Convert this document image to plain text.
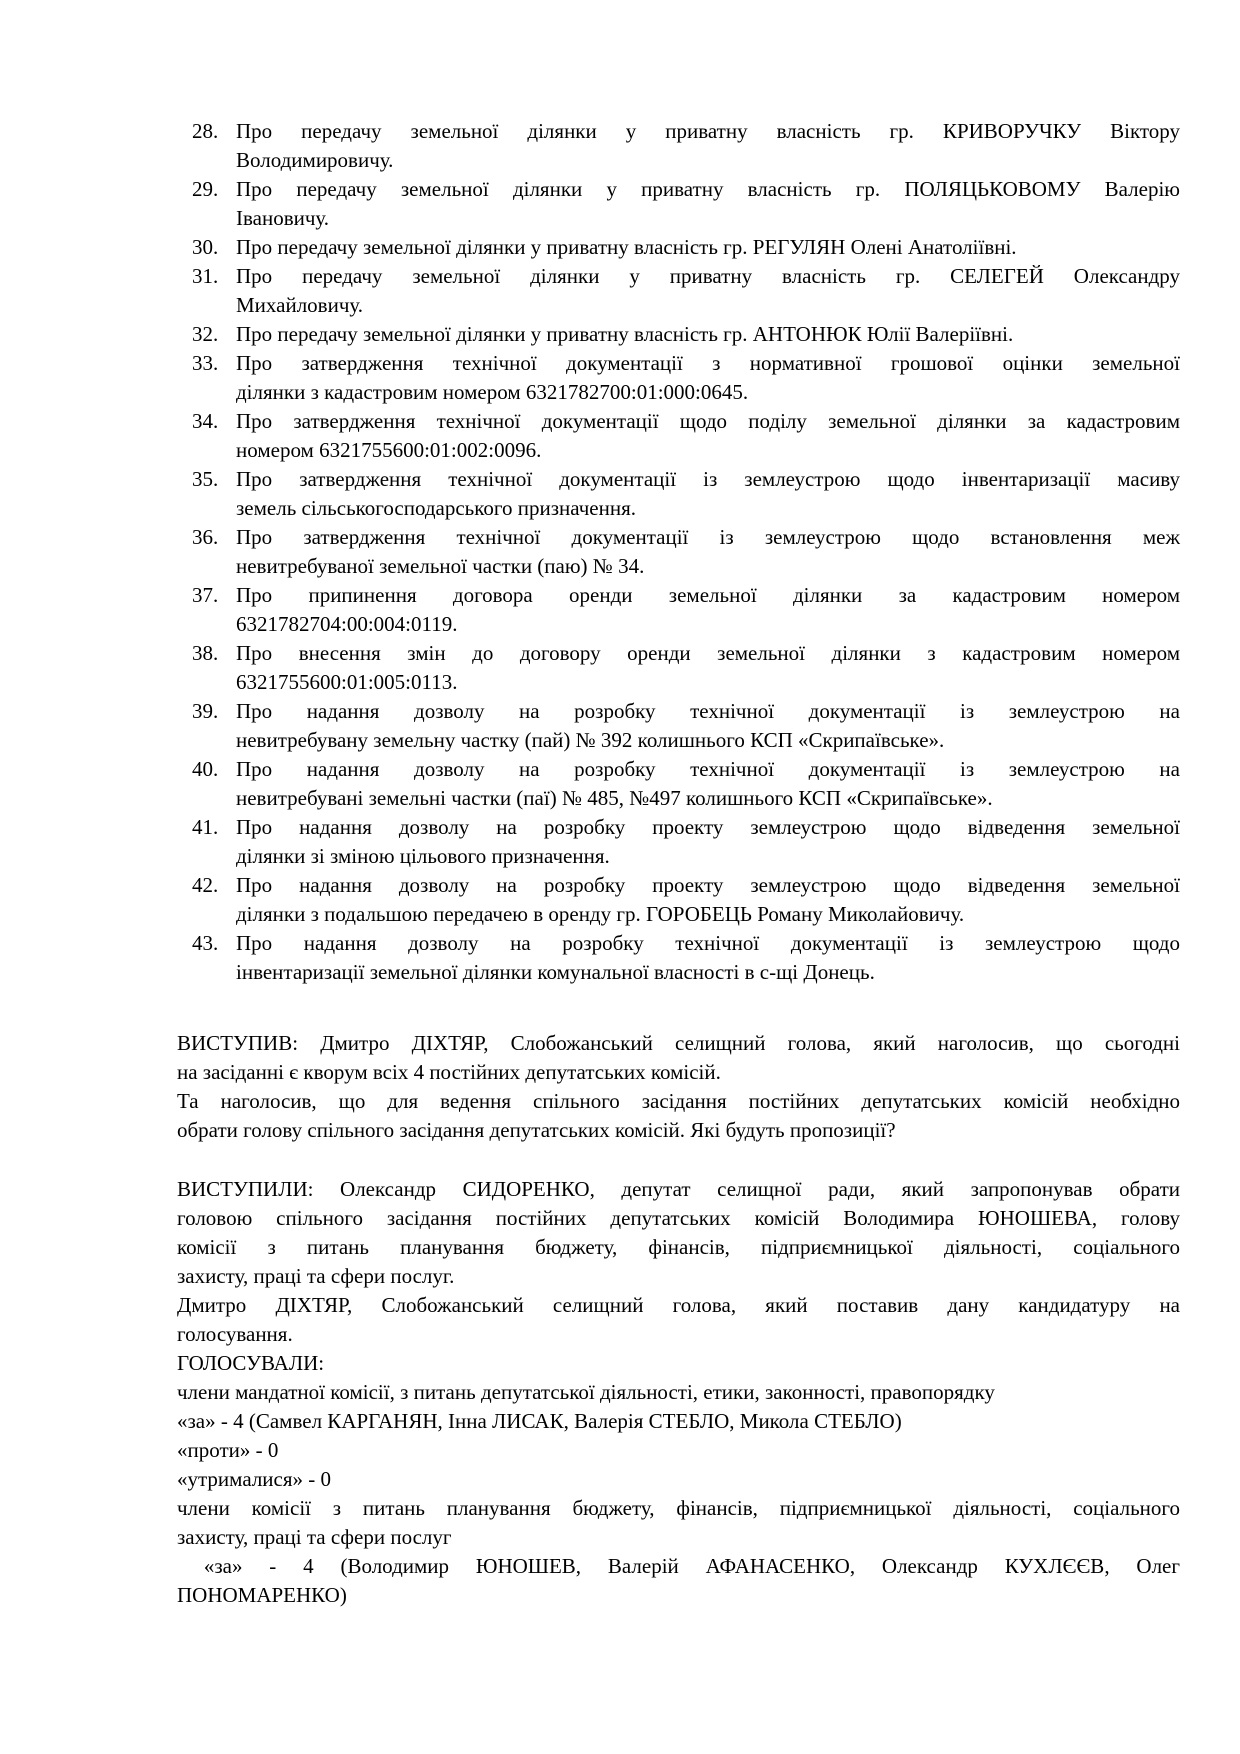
28. Про передачу земельної ділянки у приватну власність гр. КРИВОРУЧКУ Віктору
Володимировичу.
29. Про передачу земельної ділянки у приватну власність гр. ПОЛЯЦЬКОВОМУ Валерію
Івановичу.
30. Про передачу земельної ділянки у приватну власність гр. РЕГУЛЯН Олені Анатоліївні.
31. Про передачу земельної ділянки у приватну власність гр. СЕЛЕГЕЙ Олександру
Михайловичу.
32. Про передачу земельної ділянки у приватну власність гр. АНТОНЮК Юлії Валеріївні.
33. Про затвердження технічної документації з нормативної грошової оцінки земельної
ділянки з кадастровим номером 6321782700:01:000:0645.
34. Про затвердження технічної документації щодо поділу земельної ділянки за кадастровим
номером 6321755600:01:002:0096.
35. Про затвердження технічної документації із землеустрою щодо інвентаризації масиву
земель сільськогосподарського призначення.
36. Про затвердження технічної документації із землеустрою щодо встановлення меж
невитребуваної земельної частки (паю) № 34.
37. Про припинення договора оренди земельної ділянки за кадастровим номером
6321782704:00:004:0119.
38. Про внесення змін до договору оренди земельної ділянки з кадастровим номером
6321755600:01:005:0113.
39. Про надання дозволу на розробку технічної документації із землеустрою на
невитребувану земельну частку (пай) № 392 колишнього КСП «Скрипаївське».
40. Про надання дозволу на розробку технічної документації із землеустрою на
невитребувані земельні частки (паї) № 485, №497 колишнього КСП «Скрипаївське».
41. Про надання дозволу на розробку проекту землеустрою щодо відведення земельної
ділянки зі зміною цільового призначення.
42. Про надання дозволу на розробку проекту землеустрою щодо відведення земельної
ділянки з подальшою передачею в оренду гр. ГОРОБЕЦЬ Роману Миколайовичу.
43. Про надання дозволу на розробку технічної документації із землеустрою щодо
інвентаризації земельної ділянки комунальної власності в с-щі Донець.
ВИСТУПИВ: Дмитро ДІХТЯР, Слобожанський селищний голова, який наголосив, що сьогодні
на засіданні є кворум всіх 4 постійних депутатських комісій.
Та наголосив, що для ведення спільного засідання постійних депутатських комісій необхідно
обрати голову спільного засідання депутатських комісій. Які будуть пропозиції?
ВИСТУПИЛИ: Олександр СИДОРЕНКО, депутат селищної ради, який запропонував обрати
головою спільного засідання постійних депутатських комісій Володимира ЮНОШЕВА, голову
комісії з питань планування бюджету, фінансів, підприємницької діяльності, соціального
захисту, праці та сфери послуг.
Дмитро ДІХТЯР, Слобожанський селищний голова, який поставив дану кандидатуру на
голосування.
ГОЛОСУВАЛИ:
члени мандатної комісії, з питань депутатської діяльності, етики, законності, правопорядку
«за» - 4 (Самвел КАРГАНЯН, Інна ЛИСАК, Валерія СТЕБЛО, Микола СТЕБЛО)
«проти» - 0
«утрималися» - 0
члени комісії з питань планування бюджету, фінансів, підприємницької діяльності, соціального
захисту, праці та сфери послуг
«за» - 4 (Володимир ЮНОШЕВ, Валерій АФАНАСЕНКО, Олександр КУХЛЄЄВ, Олег
ПОНОМАРЕНКО)
